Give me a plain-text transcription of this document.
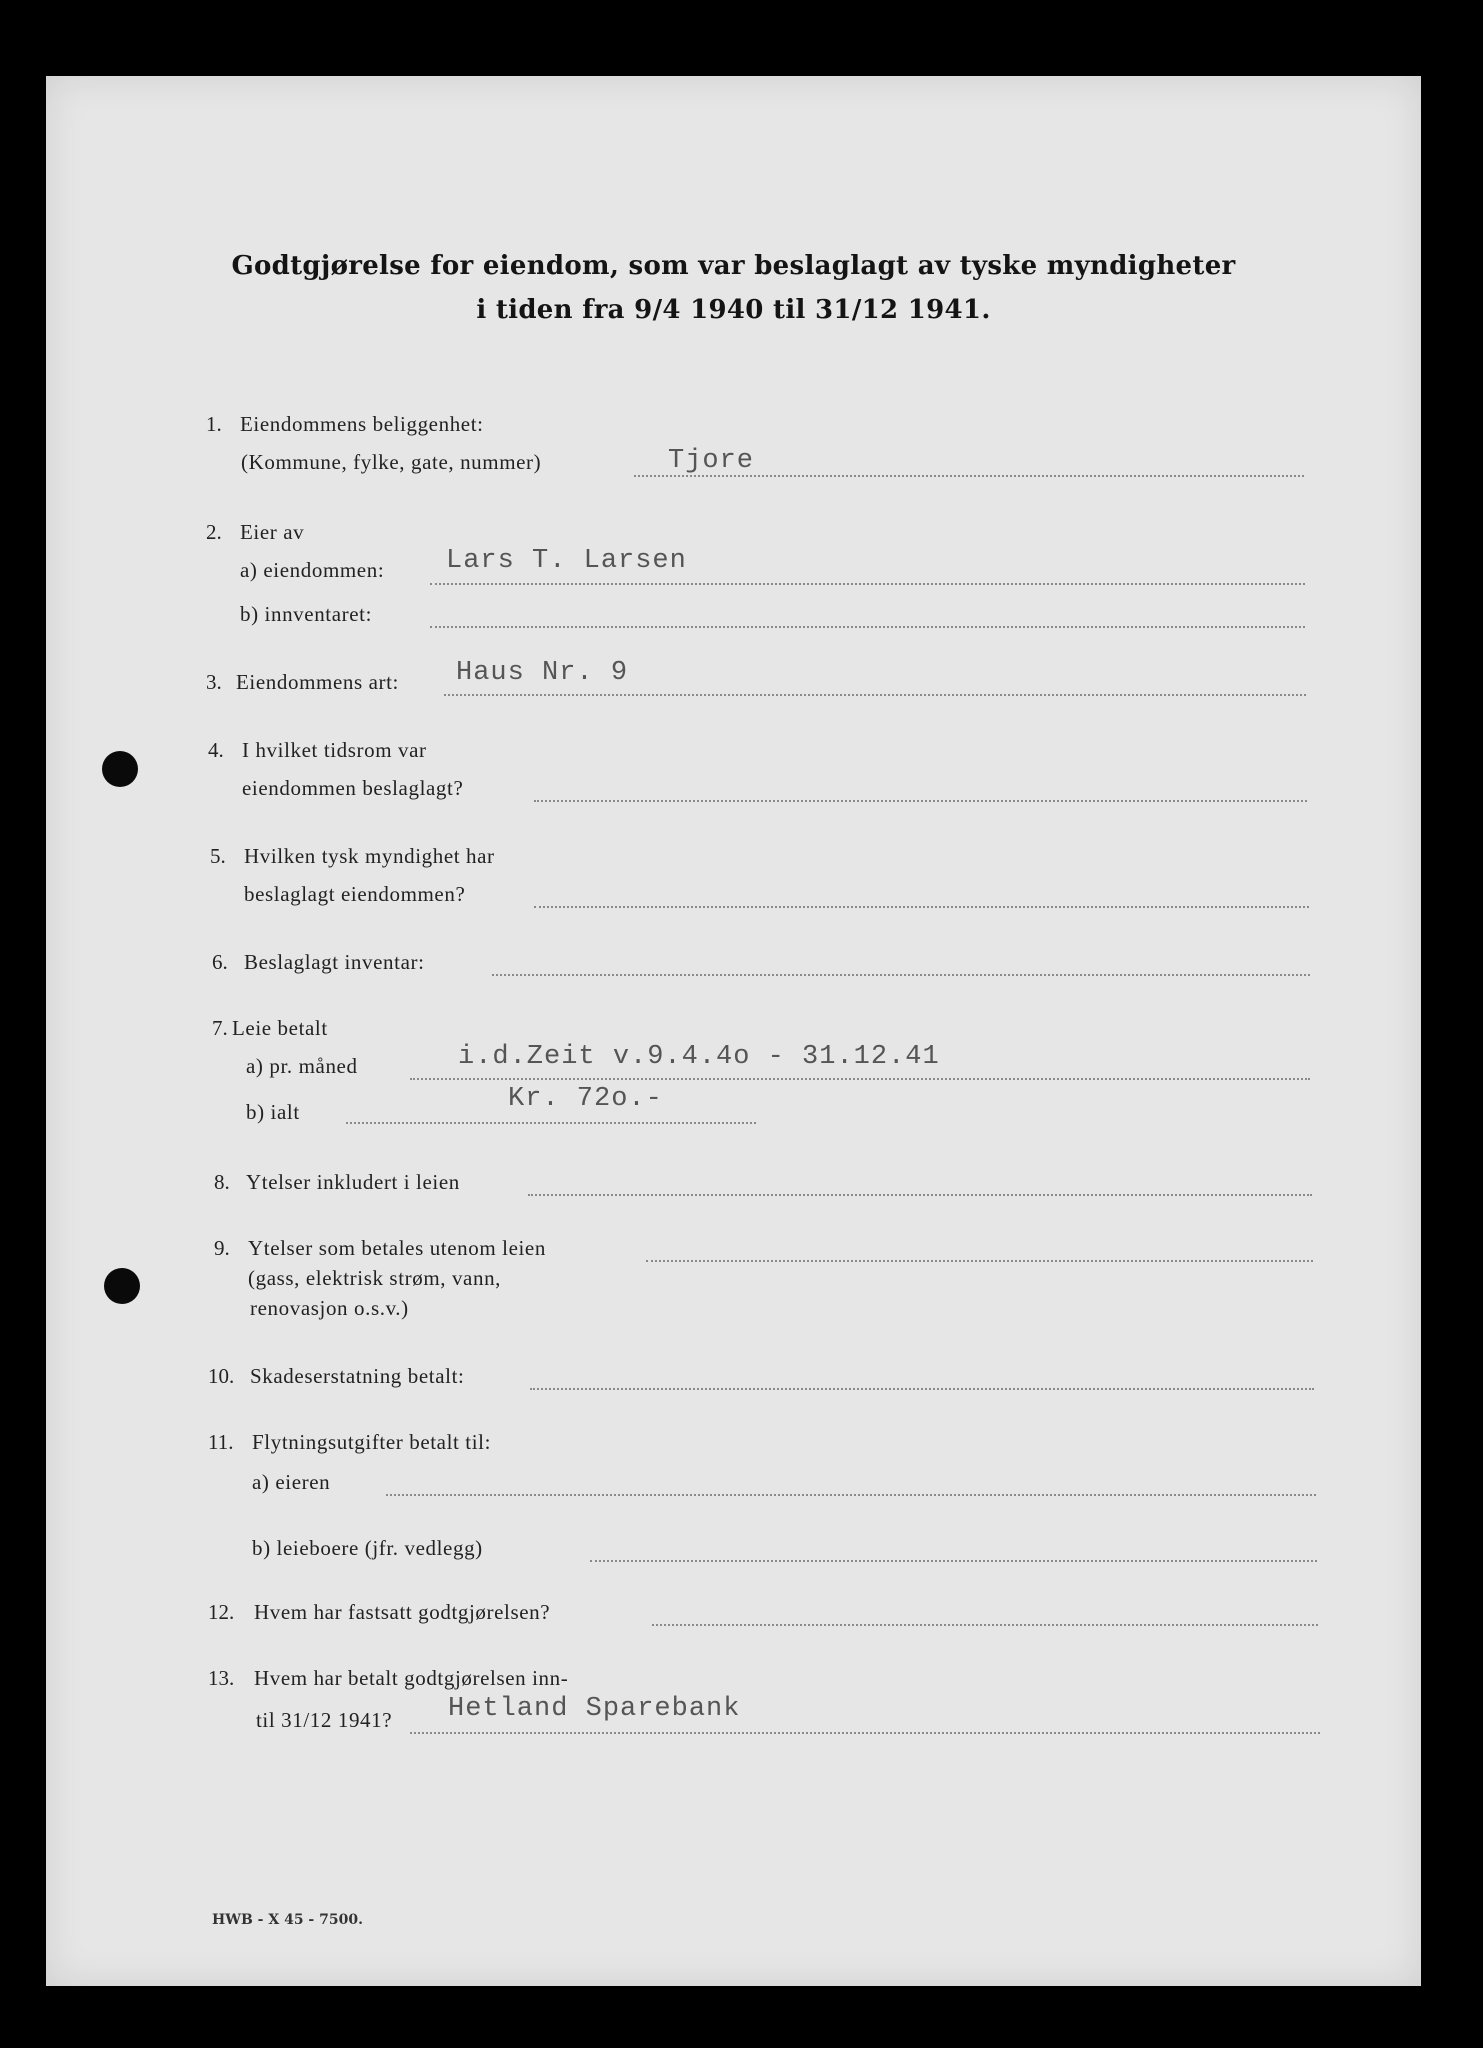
Godtgjørelse for eiendom, som var beslaglagt av tyske myndigheter
i tiden fra 9/4 1940 til 31/12 1941.
1. Eiendommens beliggenhet:
(Kommune, fylke, gate, nummer)	Tjore
2. Eier av
a) eiendommen: Lars T. Larsen
b) innventaret:
3. Eiendommens art: Haus Nr. 9
4. I hvilket tidsrom var
eiendommen beslaglagt?
5. Hvilken tysk myndighet har
beslaglagt eiendommen?
6. Beslaglagt inventar:
7. Leie betalt
a) pr. måned	i.d.Zeit v.9.4.4o - 31.12.41
b) ialt	Kr. 72o.-
8. Ytelser inkludert i leien
9. Ytelser som betales utenom leien
(gass, elektrisk strøm, vann,
renovasjon o.s.v.)
10. Skadeserstatning betalt:
11. Flytningsutgifter betalt til:
a) eieren
b) leieboere (jfr. vedlegg)
12. Hvem har fastsatt godtgjørelsen?
13. Hvem har betalt godtgjørelsen inn-
til 31/12 1941? Hetland Sparebank
HWB - X 45 - 7500.
